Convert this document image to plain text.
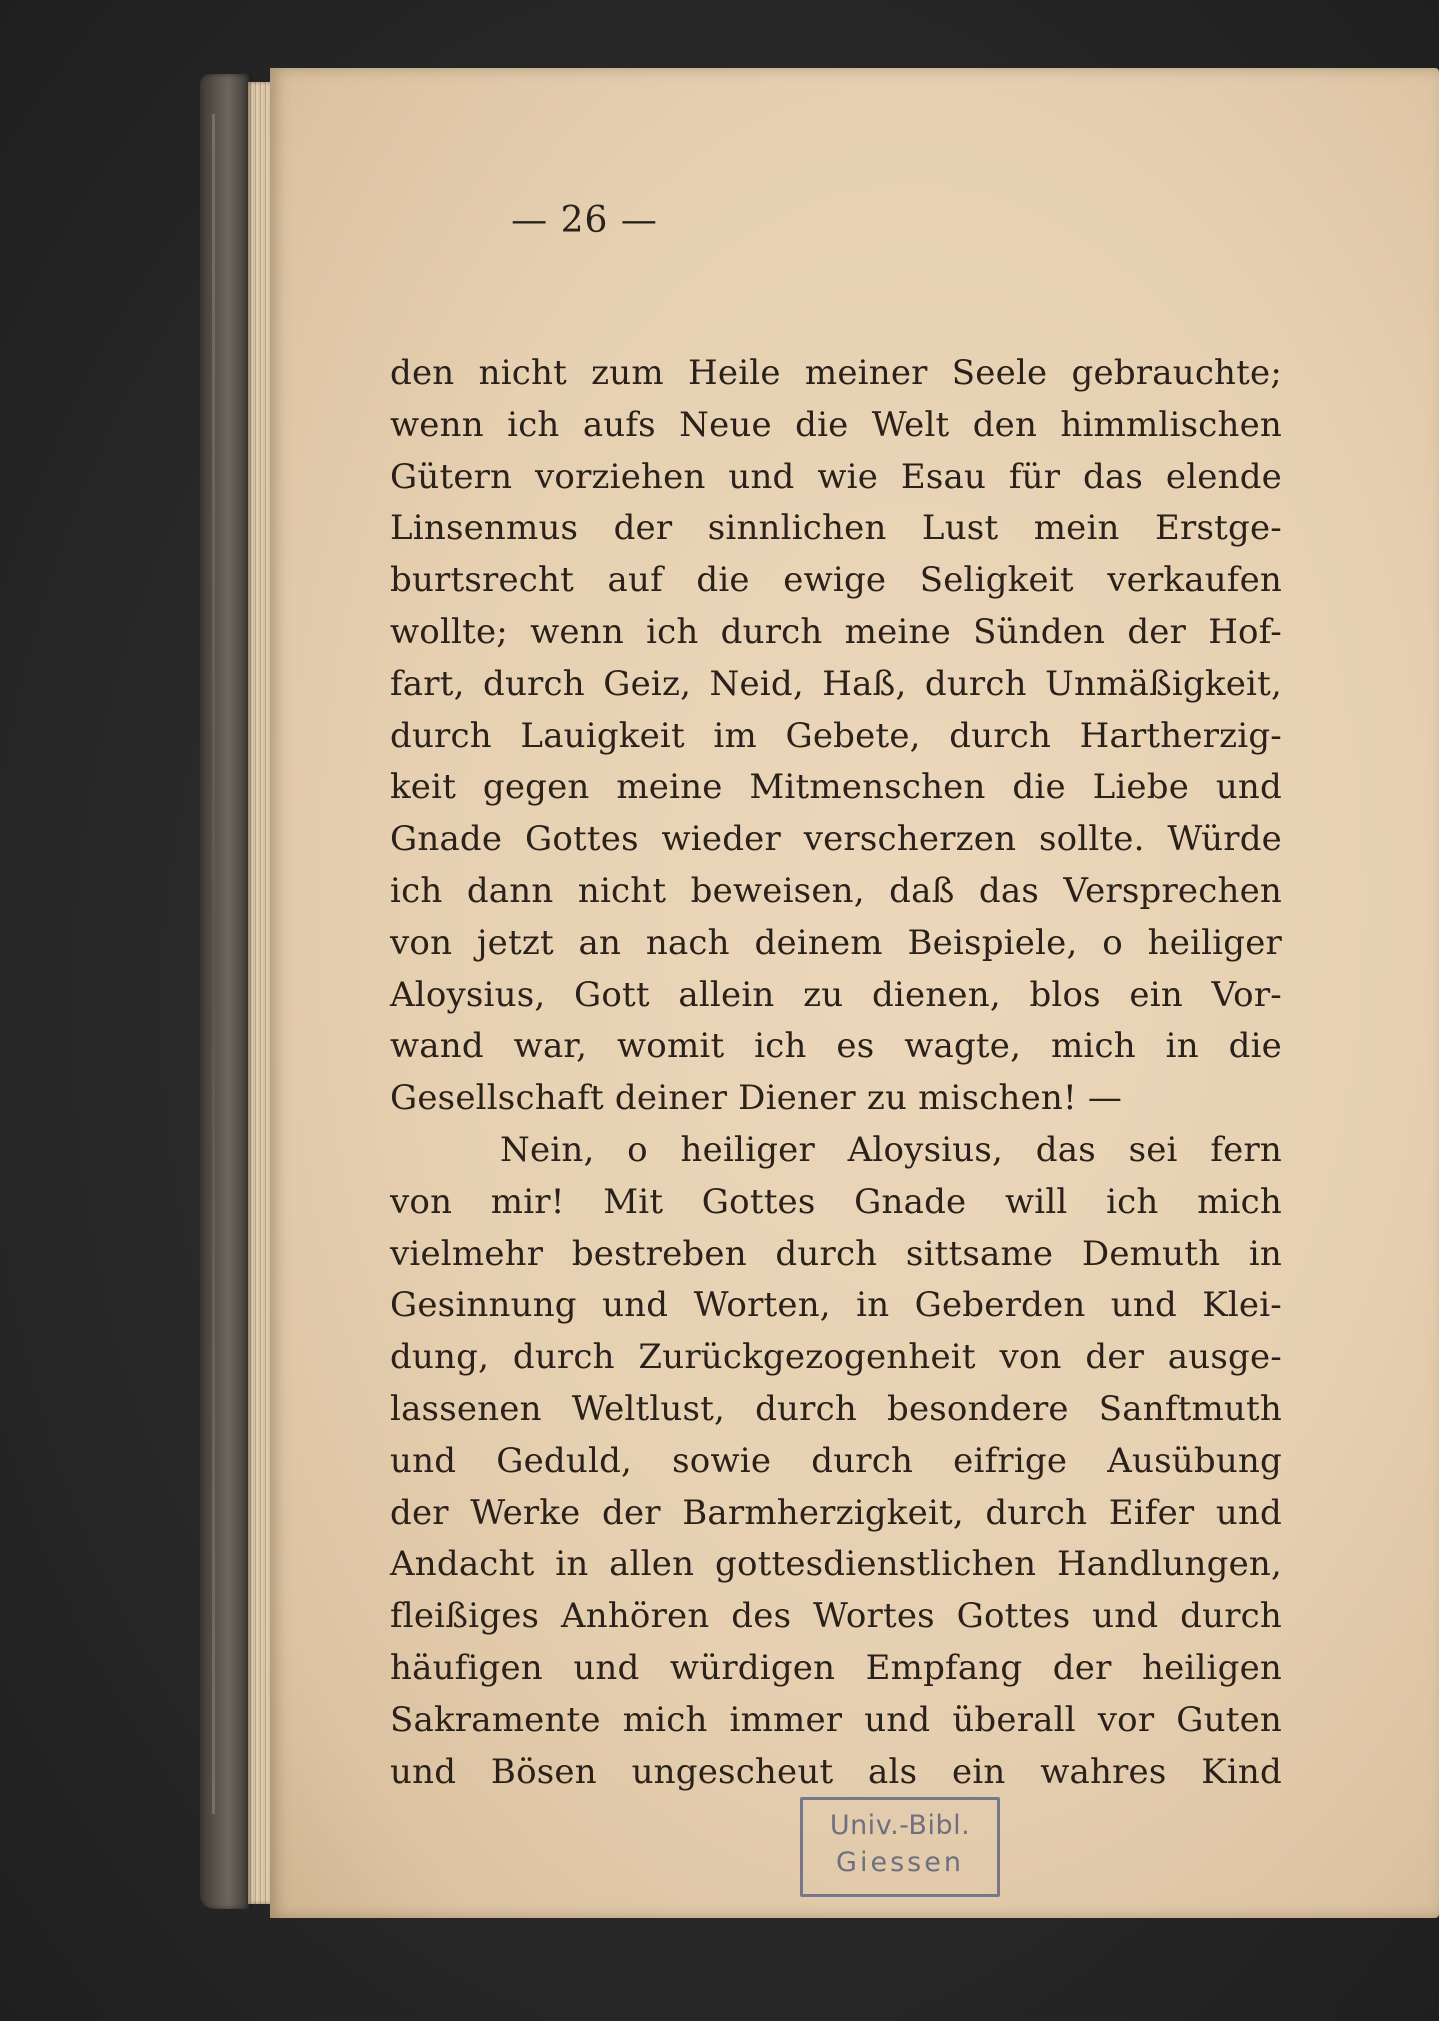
— 26 —
den nicht zum Heile meiner Seele gebrauchte;
wenn ich aufs Neue die Welt den himmlischen
Gütern vorziehen und wie Esau für das elende
Linsenmus der sinnlichen Lust mein Erstge-
burtsrecht auf die ewige Seligkeit verkaufen
wollte; wenn ich durch meine Sünden der Hof-
fart, durch Geiz, Neid, Haß, durch Unmäßigkeit,
durch Lauigkeit im Gebete, durch Hartherzig-
keit gegen meine Mitmenschen die Liebe und
Gnade Gottes wieder verscherzen sollte. Würde
ich dann nicht beweisen, daß das Versprechen
von jetzt an nach deinem Beispiele, o heiliger
Aloysius, Gott allein zu dienen, blos ein Vor-
wand war, womit ich es wagte, mich in die
Gesellschaft deiner Diener zu mischen! —
Nein, o heiliger Aloysius, das sei fern
von mir! Mit Gottes Gnade will ich mich
vielmehr bestreben durch sittsame Demuth in
Gesinnung und Worten, in Geberden und Klei-
dung, durch Zurückgezogenheit von der ausge-
lassenen Weltlust, durch besondere Sanftmuth
und Geduld, sowie durch eifrige Ausübung
der Werke der Barmherzigkeit, durch Eifer und
Andacht in allen gottesdienstlichen Handlungen,
fleißiges Anhören des Wortes Gottes und durch
häufigen und würdigen Empfang der heiligen
Sakramente mich immer und überall vor Guten
und Bösen ungescheut als ein wahres Kind
Univ.-Bibl.
Giessen
